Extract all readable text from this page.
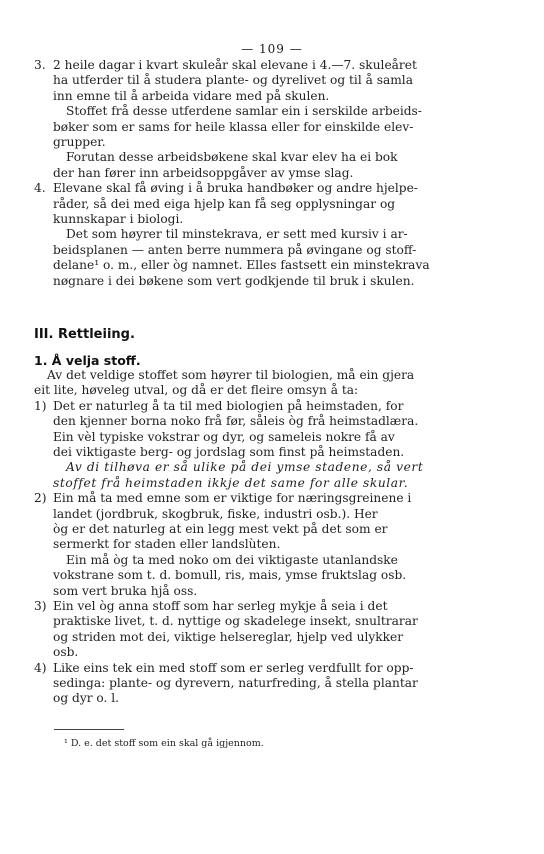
— 109 —
3. 2 heile dagar i kvart skuleår skal elevane i 4.—7. skuleåret
ha utferder til å studera plante- og dyrelivet og til å samla
inn emne til å arbeida vidare med på skulen.
Stoffet frå desse utferdene samlar ein i serskilde arbeids-
bøker som er sams for heile klassa eller for einskilde elev-
grupper.
Forutan desse arbeidsbøkene skal kvar elev ha ei bok
der han fører inn arbeidsoppgåver av ymse slag.
4. Elevane skal få øving i å bruka handbøker og andre hjelpe-
råder, så dei med eiga hjelp kan få seg opplysningar og
kunnskapar i biologi.
Det som høyrer til minstekrava, er sett med kursiv i ar-
beidsplanen — anten berre nummera på øvingane og stoff-
delane¹ o. m., eller òg namnet. Elles fastsett ein minstekrava
nøgnare i dei bøkene som vert godkjende til bruk i skulen.
III. Rettleiing.
1. Å velja stoff.
Av det veldige stoffet som høyrer til biologien, må ein gjera
eit lite, høveleg utval, og då er det fleire omsyn å ta:
1) Det er naturleg å ta til med biologien på heimstaden, for
den kjenner borna noko frå før, såleis òg frå heimstadlæra.
Ein vèl typiske vokstrar og dyr, og sameleis nokre få av
dei viktigaste berg- og jordslag som finst på heimstaden.
Av di tilhøva er så ulike på dei ymse stadene, så vert
stoffet frå heimstaden ikkje det same for alle skular.
2) Ein må ta med emne som er viktige for næringsgreinene i
landet (jordbruk, skogbruk, fiske, industri osb.). Her
òg er det naturleg at ein legg mest vekt på det som er
sermerkt for staden eller landslùten.
Ein må òg ta med noko om dei viktigaste utanlandske
vokstrane som t. d. bomull, ris, mais, ymse fruktslag osb.
som vert bruka hjå oss.
3) Ein vel òg anna stoff som har serleg mykje å seia i det
praktiske livet, t. d. nyttige og skadelege insekt, snultrarar
og striden mot dei, viktige helsereglar, hjelp ved ulykker
osb.
4) Like eins tek ein med stoff som er serleg verdfullt for opp-
sedinga: plante- og dyrevern, naturfreding, å stella plantar
og dyr o. l.
¹ D. e. det stoff som ein skal gå igjennom.
